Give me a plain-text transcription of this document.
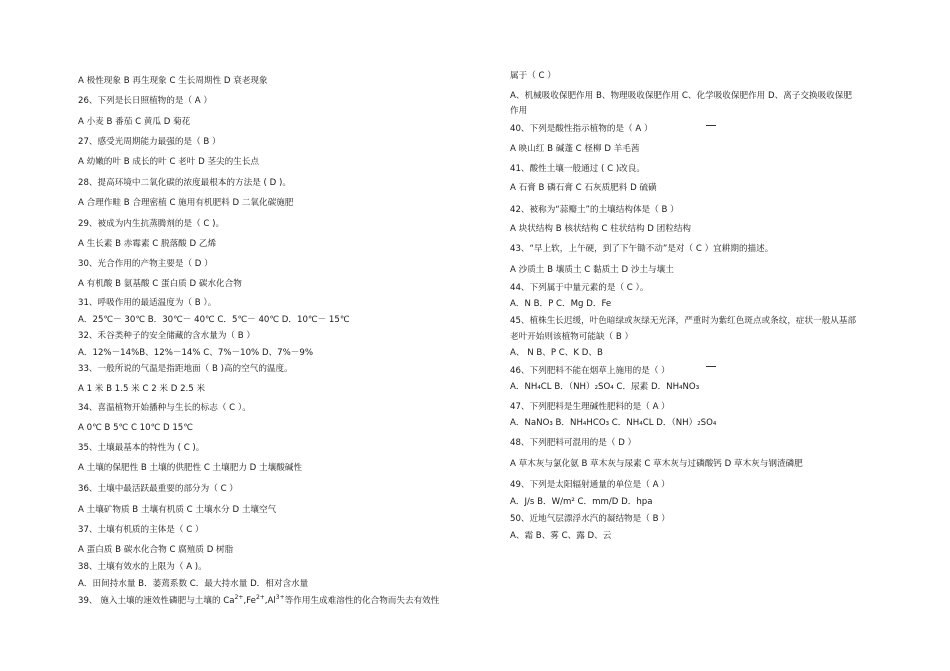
A 极性现象 B 再生现象 C 生长周期性 D 衰老现象
26、下列是长日照植物的是（ A ）
A 小麦 B 番茄 C 黄瓜 D 菊花
27、感受光周期能力最强的是（ B ）
A 幼嫩的叶 B 成长的叶 C 老叶 D 茎尖的生长点
28、提高环境中二氧化碳的浓度最根本的方法是 ( D )。
A 合理作畦 B 合理密植 C 施用有机肥料 D 二氧化碳施肥
29、被成为内生抗蒸腾剂的是（ C )。
A 生长素 B 赤霉素 C 脱落酸 D 乙烯
30、光合作用的产物主要是（ D ）
A 有机酸 B 氨基酸 C 蛋白质 D 碳水化合物
31、呼吸作用的最适温度为（ B ）。
A．25℃－ 30℃ B．30℃－ 40℃ C．5℃－ 40℃ D．10℃－ 15℃
32、禾谷类种子的安全储藏的含水量为（ B ）
A．12%－14%B、12%－14% C、7%－10% D、7%－9%
33、一般所说的气温是指距地面（ B )高的空气的温度。
A 1 米 B 1.5 米 C 2 米 D 2.5 米
34、喜温植物开始播种与生长的标志（ C ）。
A 0℃ B 5℃ C 10℃ D 15℃
35、土壤最基本的特性为 ( C )。
A 土壤的保肥性 B 土壤的供肥性 C 土壤肥力 D 土壤酸碱性
36、土壤中最活跃最重要的部分为（ C ）
A 土壤矿物质 B 土壤有机质 C 土壤水分 D 土壤空气
37、土壤有机质的主体是（ C ）
A 蛋白质 B 碳水化合物 C 腐殖质 D 树脂
38、土壤有效水的上限为（ A )。
A．田间持水量 B．萎蔫系数 C．最大持水量 D．相对含水量
39、 施入土壤的速效性磷肥与土壤的 $Ca^{2+},Fe^{2+},Al^{3+}$等作用生成难溶性的化合物而失去有效性
属于（ C ）
A、机械吸收保肥作用 B、物理吸收保肥作用 C、化学吸收保肥作用 D、离子交换吸收保肥
作用
40、下列是酸性指示植物的是（ A ）
A 映山红 B 碱蓬 C 柽柳 D 羊毛茜
41、酸性土壤一般通过 ( C )改良。
A 石膏 B 磷石膏 C 石灰质肥料 D 硫磺
42、被称为“蒜瓣土”的土壤结构体是（ B ）
A 块状结构 B 核状结构 C 柱状结构 D 团粒结构
43、“早上软，上午硬，到了下午锄不动”是对（ C ）宜耕期的描述。
A 沙质土 B 壤质土 C 黏质土 D 沙土与壤土
44、下列属于中量元素的是（ C ）。
A．N B．P C．Mg D．Fe
45、植株生长迟缓，叶色暗绿或灰绿无光泽，严重时为紫红色斑点或条纹，症状一般从基部
老叶开始则该植物可能缺（ B ）
A、 N B、P C、K D、B
46、下列肥料不能在烟草上施用的是（ ）
A．NH₄CL B．（NH）₂SO₄ C．尿素 D．NH₄NO₃
47、下列肥料是生理碱性肥料的是（ A ）
A．NaNO₃ B．NH₄HCO₃ C．NH₄CL D．（NH）₂SO₄
48、下列肥料可混用的是（ D ）
A 草木灰与氯化氨 B 草木灰与尿素 C 草木灰与过磷酸钙 D 草木灰与钢渣磷肥
49、下列是太阳辐射通量的单位是（ A ）
A．J/s B．W/m² C．mm/D D．hpa
50、近地气层漂浮水汽的凝结物是（ B ）
A、霜 B、雾 C、露 D、云
